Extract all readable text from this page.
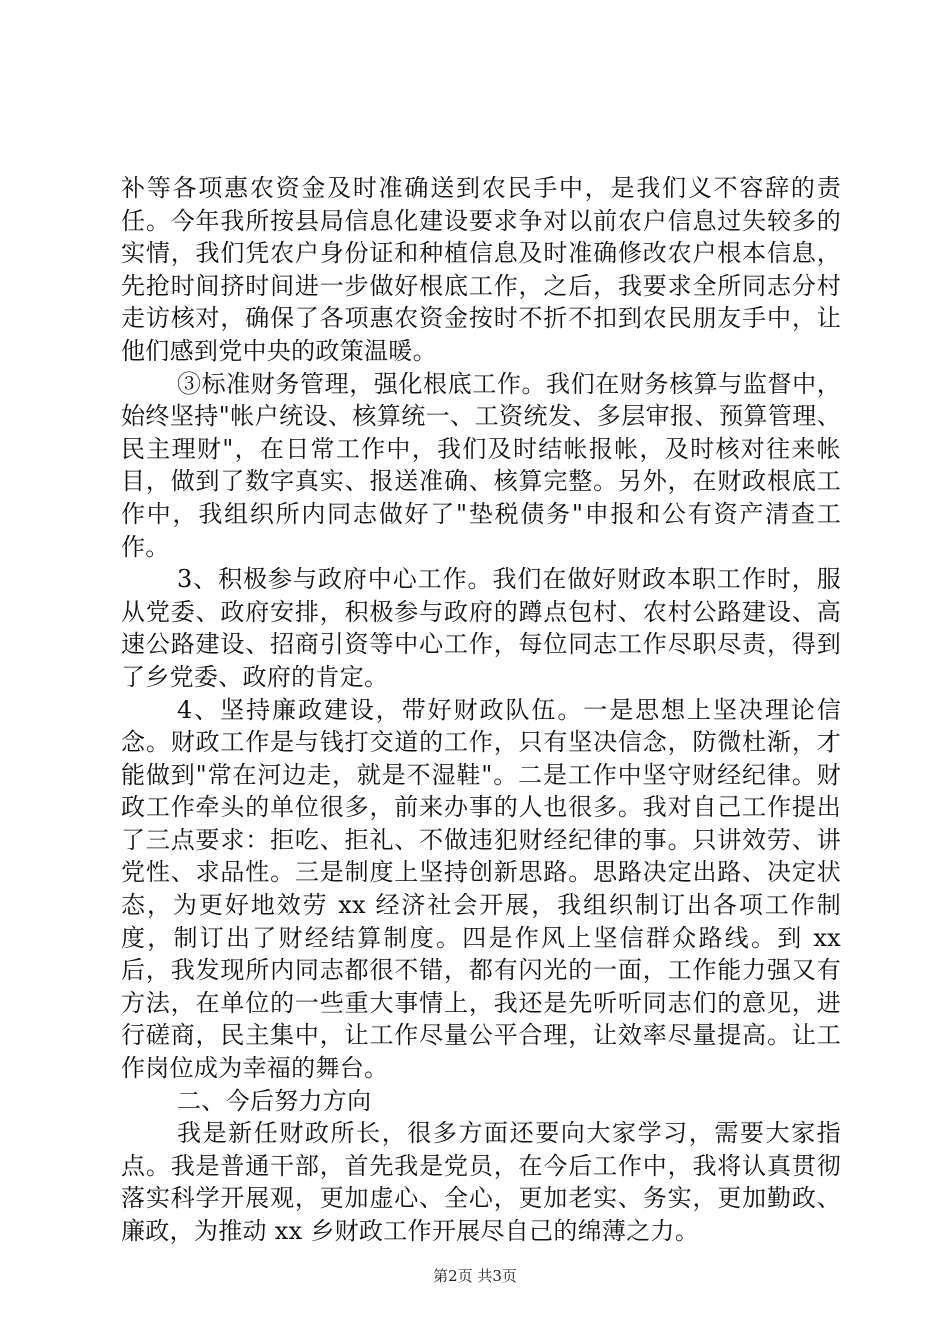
补等各项惠农资金及时准确送到农民手中，是我们义不容辞的责任。今年我所按县局信息化建设要求争对以前农户信息过失较多的实情，我们凭农户身份证和种植信息及时准确修改农户根本信息，先抢时间挤时间进一步做好根底工作，之后，我要求全所同志分村走访核对，确保了各项惠农资金按时不折不扣到农民朋友手中，让他们感到党中央的政策温暖。

③标准财务管理，强化根底工作。我们在财务核算与监督中，始终坚持"帐户统设、核算统一、工资统发、多层审报、预算管理、民主理财"，在日常工作中，我们及时结帐报帐，及时核对往来帐目，做到了数字真实、报送准确、核算完整。另外，在财政根底工作中，我组织所内同志做好了"垫税债务"申报和公有资产清查工作。

3、积极参与政府中心工作。我们在做好财政本职工作时，服从党委、政府安排，积极参与政府的蹲点包村、农村公路建设、高速公路建设、招商引资等中心工作，每位同志工作尽职尽责，得到了乡党委、政府的肯定。

4、坚持廉政建设，带好财政队伍。一是思想上坚决理论信念。财政工作是与钱打交道的工作，只有坚决信念，防微杜渐，才能做到"常在河边走，就是不湿鞋"。二是工作中坚守财经纪律。财政工作牵头的单位很多，前来办事的人也很多。我对自己工作提出了三点要求：拒吃、拒礼、不做违犯财经纪律的事。只讲效劳、讲党性、求品性。三是制度上坚持创新思路。思路决定出路、决定状态，为更好地效劳 xx 经济社会开展，我组织制订出各项工作制度，制订出了财经结算制度。四是作风上坚信群众路线。到 xx 后，我发现所内同志都很不错，都有闪光的一面，工作能力强又有方法，在单位的一些重大事情上，我还是先听听同志们的意见，进行磋商，民主集中，让工作尽量公平合理，让效率尽量提高。让工作岗位成为幸福的舞台。

二、今后努力方向

我是新任财政所长，很多方面还要向大家学习，需要大家指点。我是普通干部，首先我是党员，在今后工作中，我将认真贯彻落实科学开展观，更加虚心、全心，更加老实、务实，更加勤政、廉政，为推动 xx 乡财政工作开展尽自己的绵薄之力。

第2页 共3页
